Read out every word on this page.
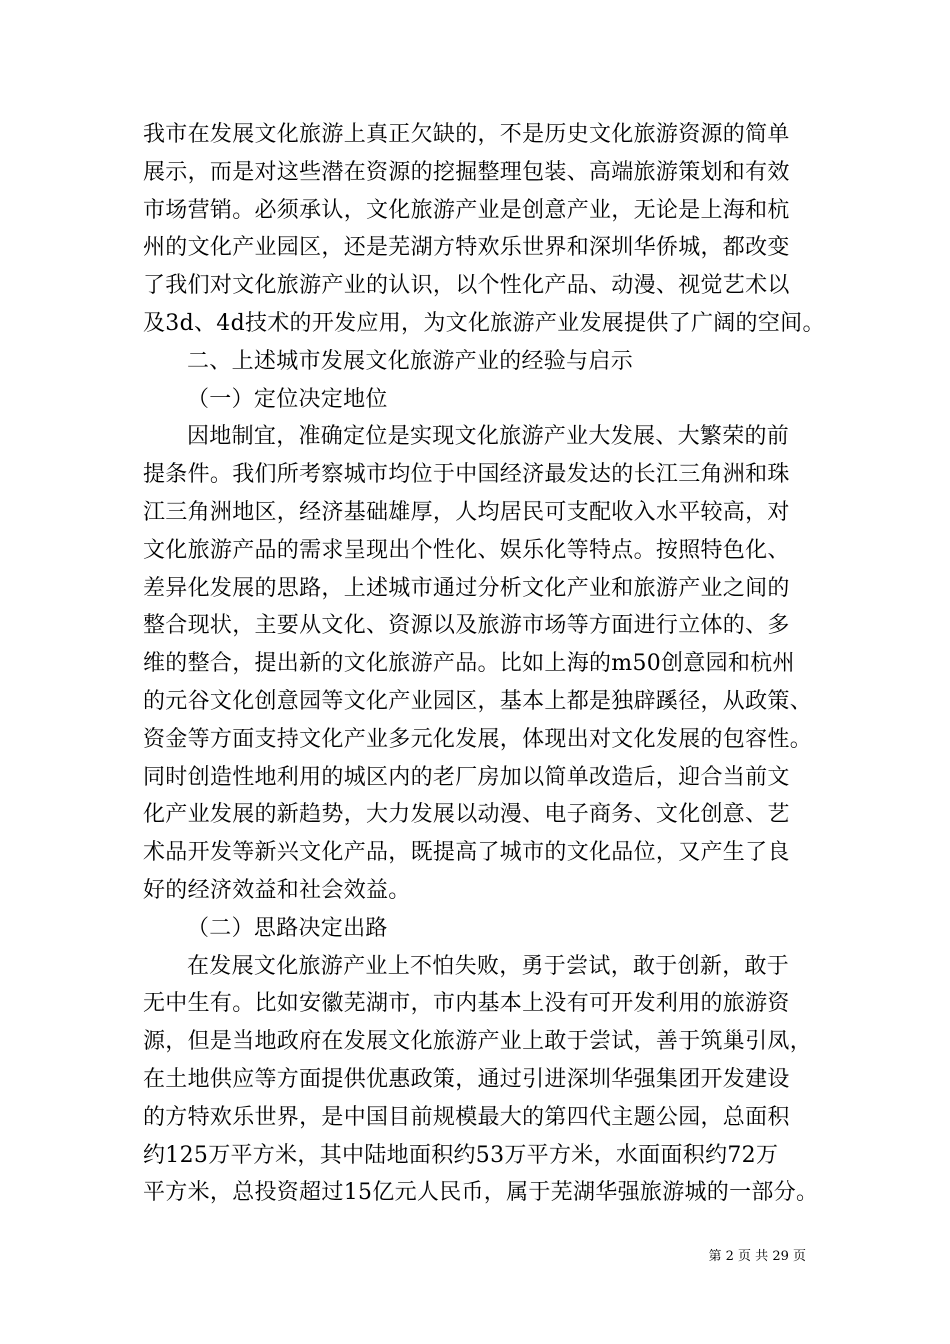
我市在发展文化旅游上真正欠缺的，不是历史文化旅游资源的简单
展示，而是对这些潜在资源的挖掘整理包装、高端旅游策划和有效
市场营销。必须承认，文化旅游产业是创意产业，无论是上海和杭
州的文化产业园区，还是芜湖方特欢乐世界和深圳华侨城，都改变
了我们对文化旅游产业的认识，以个性化产品、动漫、视觉艺术以
及3d、4d技术的开发应用，为文化旅游产业发展提供了广阔的空间。
二、上述城市发展文化旅游产业的经验与启示
（一）定位决定地位
因地制宜，准确定位是实现文化旅游产业大发展、大繁荣的前
提条件。我们所考察城市均位于中国经济最发达的长江三角洲和珠
江三角洲地区，经济基础雄厚，人均居民可支配收入水平较高，对
文化旅游产品的需求呈现出个性化、娱乐化等特点。按照特色化、
差异化发展的思路，上述城市通过分析文化产业和旅游产业之间的
整合现状，主要从文化、资源以及旅游市场等方面进行立体的、多
维的整合，提出新的文化旅游产品。比如上海的m50创意园和杭州
的元谷文化创意园等文化产业园区，基本上都是独辟蹊径，从政策、
资金等方面支持文化产业多元化发展，体现出对文化发展的包容性。
同时创造性地利用的城区内的老厂房加以简单改造后，迎合当前文
化产业发展的新趋势，大力发展以动漫、电子商务、文化创意、艺
术品开发等新兴文化产品，既提高了城市的文化品位，又产生了良
好的经济效益和社会效益。
（二）思路决定出路
在发展文化旅游产业上不怕失败，勇于尝试，敢于创新，敢于
无中生有。比如安徽芜湖市，市内基本上没有可开发利用的旅游资
源，但是当地政府在发展文化旅游产业上敢于尝试，善于筑巢引凤，
在土地供应等方面提供优惠政策，通过引进深圳华强集团开发建设
的方特欢乐世界，是中国目前规模最大的第四代主题公园，总面积
约125万平方米，其中陆地面积约53万平方米，水面面积约72万
平方米，总投资超过15亿元人民币，属于芜湖华强旅游城的一部分。
第 2 页 共 29 页
